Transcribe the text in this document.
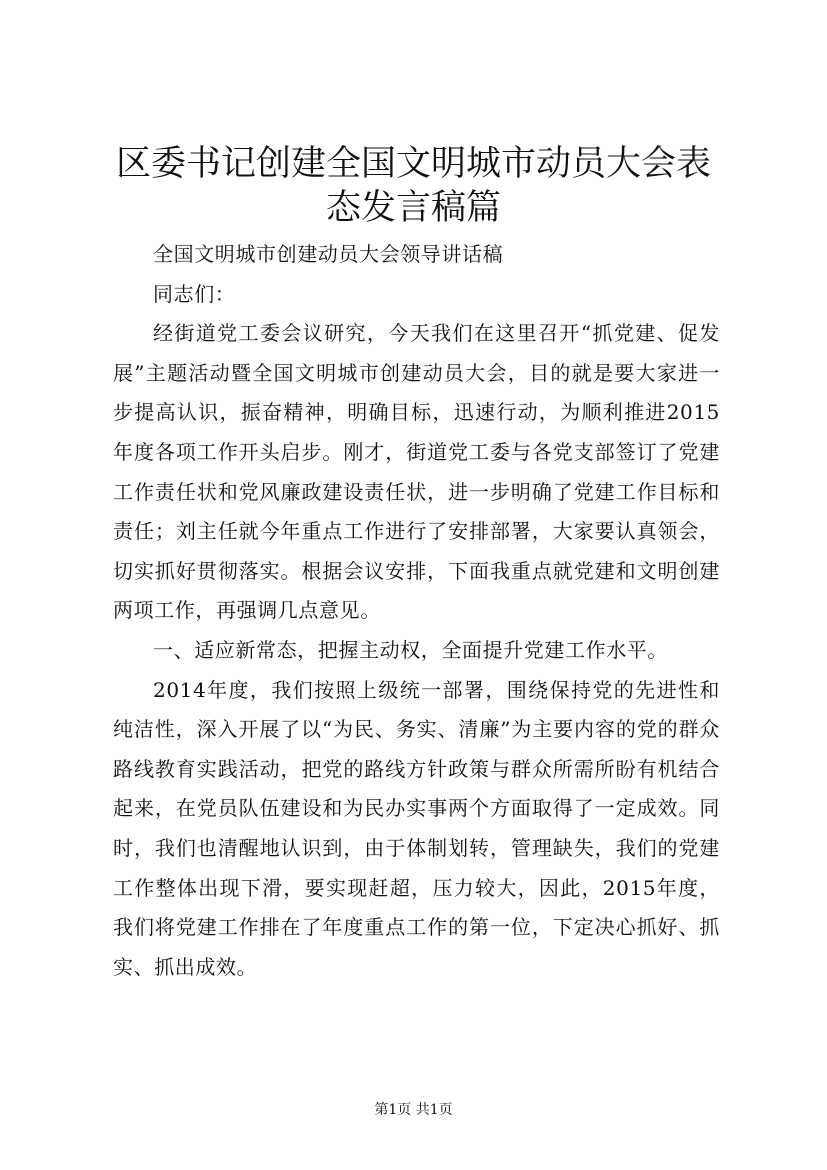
区委书记创建全国文明城市动员大会表态发言稿篇

全国文明城市创建动员大会领导讲话稿

同志们：

经街道党工委会议研究，今天我们在这里召开“抓党建、促发展”主题活动暨全国文明城市创建动员大会，目的就是要大家进一步提高认识，振奋精神，明确目标，迅速行动，为顺利推进2015年度各项工作开头启步。刚才，街道党工委与各党支部签订了党建工作责任状和党风廉政建设责任状，进一步明确了党建工作目标和责任；刘主任就今年重点工作进行了安排部署，大家要认真领会，切实抓好贯彻落实。根据会议安排，下面我重点就党建和文明创建两项工作，再强调几点意见。

一、适应新常态，把握主动权，全面提升党建工作水平。

2014年度，我们按照上级统一部署，围绕保持党的先进性和纯洁性，深入开展了以“为民、务实、清廉”为主要内容的党的群众路线教育实践活动，把党的路线方针政策与群众所需所盼有机结合起来，在党员队伍建设和为民办实事两个方面取得了一定成效。同时，我们也清醒地认识到，由于体制划转，管理缺失，我们的党建工作整体出现下滑，要实现赶超，压力较大，因此，2015年度，我们将党建工作排在了年度重点工作的第一位，下定决心抓好、抓实、抓出成效。

第1页 共1页
